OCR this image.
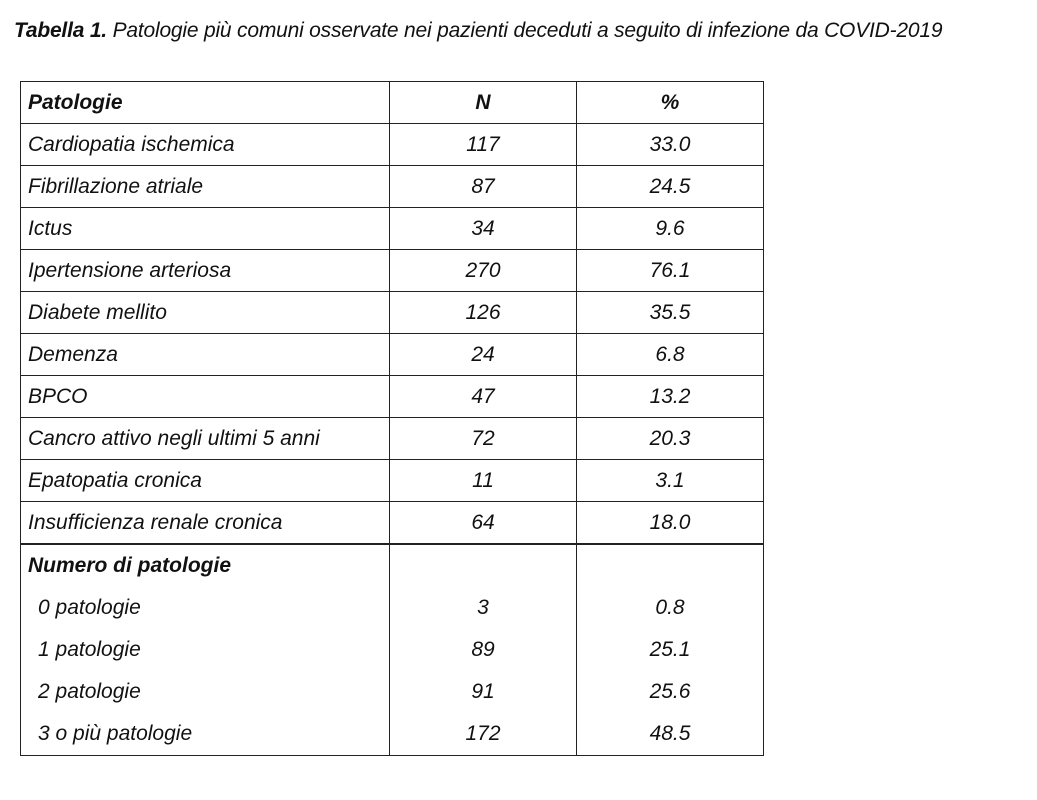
Tabella 1. Patologie più comuni osservate nei pazienti deceduti a seguito di infezione da COVID-2019
Patologie	N	%
Cardiopatia ischemica	117	33.0
Fibrillazione atriale	87	24.5
Ictus	34	9.6
Ipertensione arteriosa	270	76.1
Diabete mellito	126	35.5
Demenza	24	6.8
BPCO	47	13.2
Cancro attivo negli ultimi 5 anni	72	20.3
Epatopatia cronica	11	3.1
Insufficienza renale cronica	64	18.0
Numero di patologie		
0 patologie	3	0.8
1 patologie	89	25.1
2 patologie	91	25.6
3 o più patologie	172	48.5
